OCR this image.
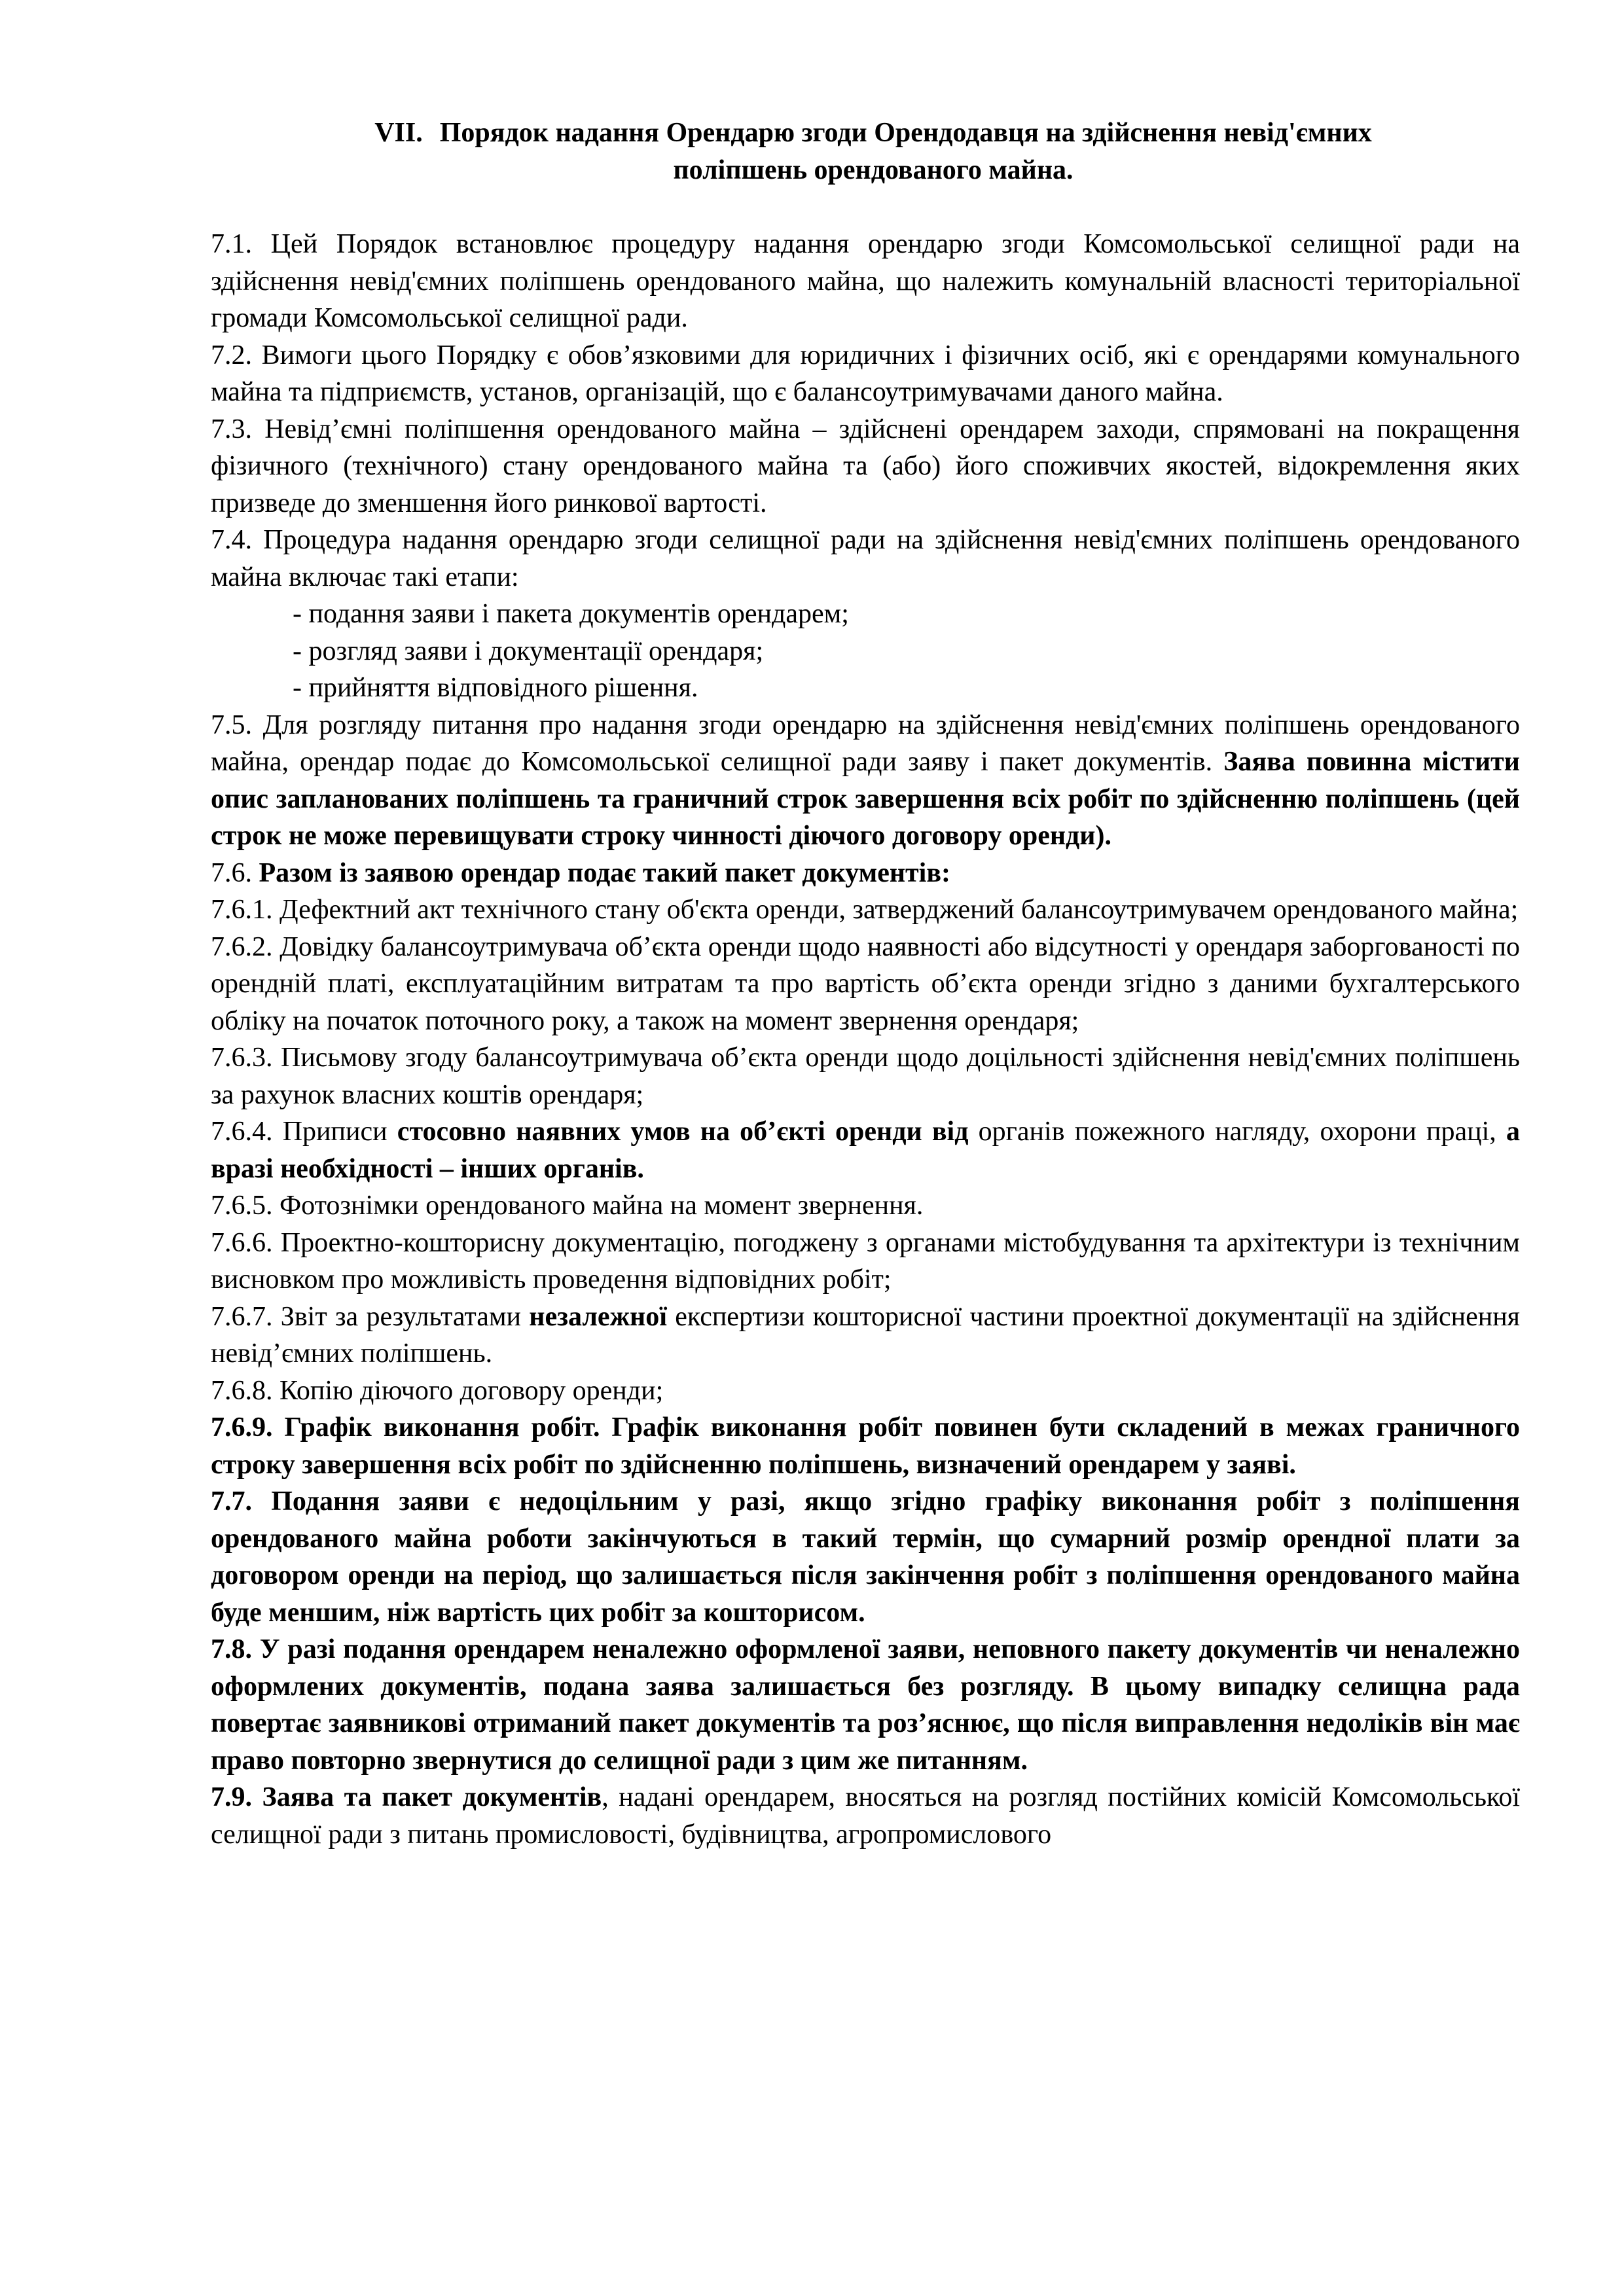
VII. Порядок надання Орендарю згоди Орендодавця на здійснення невід'ємних
поліпшень орендованого майна.

7.1. Цей Порядок встановлює процедуру надання орендарю згоди Комсомольської селищної ради на здійснення невід'ємних поліпшень орендованого майна, що належить комунальній власності територіальної громади Комсомольської селищної ради.

7.2. Вимоги цього Порядку є обов’язковими для юридичних і фізичних осіб, які є орендарями комунального майна та підприємств, установ, організацій, що є балансоутримувачами даного майна.

7.3. Невід’ємні поліпшення орендованого майна – здійснені орендарем заходи, спрямовані на покращення фізичного (технічного) стану орендованого майна та (або) його споживчих якостей, відокремлення яких призведе до зменшення його ринкової вартості.

7.4. Процедура надання орендарю згоди селищної ради на здійснення невід'ємних поліпшень орендованого майна включає такі етапи:

- подання заяви і пакета документів орендарем;

- розгляд заяви і документації орендаря;

- прийняття відповідного рішення.

7.5. Для розгляду питання про надання згоди орендарю на здійснення невід'ємних поліпшень орендованого майна, орендар подає до Комсомольської селищної ради заяву і пакет документів. Заява повинна містити опис запланованих поліпшень та граничний строк завершення всіх робіт по здійсненню поліпшень (цей строк не може перевищувати строку чинності діючого договору оренди).

7.6. Разом із заявою орендар подає такий пакет документів:

7.6.1. Дефектний акт технічного стану об'єкта оренди, затверджений балансоутримувачем орендованого майна;

7.6.2. Довідку балансоутримувача об’єкта оренди щодо наявності або відсутності у орендаря заборгованості по орендній платі, експлуатаційним витратам та про вартість об’єкта оренди згідно з даними бухгалтерського обліку на початок поточного року, а також на момент звернення орендаря;

7.6.3. Письмову згоду балансоутримувача об’єкта оренди щодо доцільності здійснення невід'ємних поліпшень за рахунок власних коштів орендаря;

7.6.4. Приписи стосовно наявних умов на об’єкті оренди від органів пожежного нагляду, охорони праці, а вразі необхідності – інших органів.

7.6.5. Фотознімки орендованого майна на момент звернення.

7.6.6. Проектно-кошторисну документацію, погоджену з органами містобудування та архітектури із технічним висновком про можливість проведення відповідних робіт;

7.6.7. Звіт за результатами незалежної експертизи кошторисної частини проектної документації на здійснення невід’ємних поліпшень.

7.6.8. Копію діючого договору оренди;

7.6.9. Графік виконання робіт. Графік виконання робіт повинен бути складений в межах граничного строку завершення всіх робіт по здійсненню поліпшень, визначений орендарем у заяві.

7.7. Подання заяви є недоцільним у разі, якщо згідно графіку виконання робіт з поліпшення орендованого майна роботи закінчуються в такий термін, що сумарний розмір орендної плати за договором оренди на період, що залишається після закінчення робіт з поліпшення орендованого майна буде меншим, ніж вартість цих робіт за кошторисом.

7.8. У разі подання орендарем неналежно оформленої заяви, неповного пакету документів чи неналежно оформлених документів, подана заява залишається без розгляду. В цьому випадку селищна рада повертає заявникові отриманий пакет документів та роз’яснює, що після виправлення недоліків він має право повторно звернутися до селищної ради з цим же питанням.

7.9. Заява та пакет документів, надані орендарем, вносяться на розгляд постійних комісій Комсомольської селищної ради з питань промисловості, будівництва, агропромислового
